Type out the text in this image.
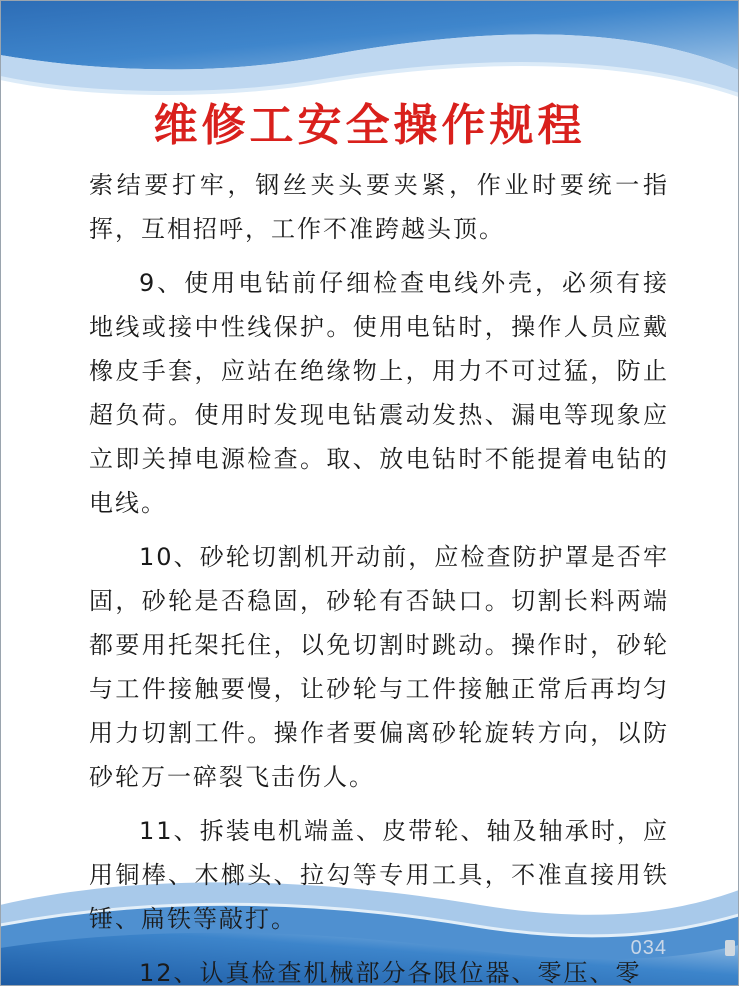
维修工安全操作规程

索结要打牢，钢丝夹头要夹紧，作业时要统一指挥，互相招呼，工作不准跨越头顶。

9、使用电钻前仔细检查电线外壳，必须有接地线或接中性线保护。使用电钻时，操作人员应戴橡皮手套，应站在绝缘物上，用力不可过猛，防止超负荷。使用时发现电钻震动发热、漏电等现象应立即关掉电源检查。取、放电钻时不能提着电钻的电线。

10、砂轮切割机开动前，应检查防护罩是否牢固，砂轮是否稳固，砂轮有否缺口。切割长料两端都要用托架托住，以免切割时跳动。操作时，砂轮与工件接触要慢，让砂轮与工件接触正常后再均匀用力切割工件。操作者要偏离砂轮旋转方向，以防砂轮万一碎裂飞击伤人。

11、拆装电机端盖、皮带轮、轴及轴承时，应用铜棒、木榔头、拉勾等专用工具，不准直接用铁锤、扁铁等敲打。

12、认真检查机械部分各限位器、零压、零

034
